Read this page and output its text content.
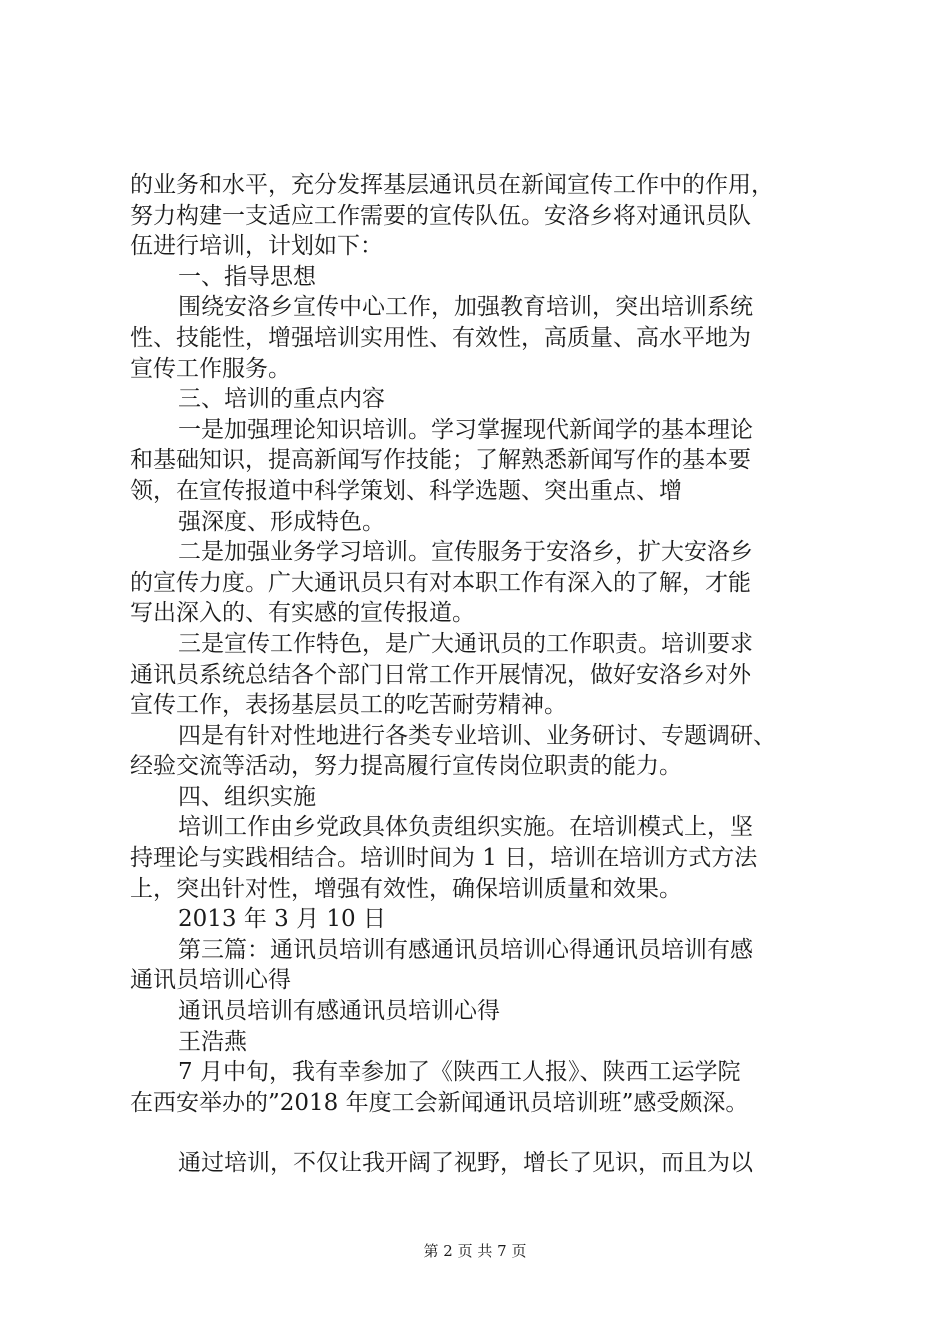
的业务和水平，充分发挥基层通讯员在新闻宣传工作中的作用，

努力构建一支适应工作需要的宣传队伍。安洛乡将对通讯员队

伍进行培训，计划如下：

一、指导思想

围绕安洛乡宣传中心工作，加强教育培训，突出培训系统

性、技能性，增强培训实用性、有效性，高质量、高水平地为

宣传工作服务。

三、培训的重点内容

一是加强理论知识培训。学习掌握现代新闻学的基本理论

和基础知识，提高新闻写作技能；了解熟悉新闻写作的基本要

领，在宣传报道中科学策划、科学选题、突出重点、增

强深度、形成特色。

二是加强业务学习培训。宣传服务于安洛乡，扩大安洛乡

的宣传力度。广大通讯员只有对本职工作有深入的了解，才能

写出深入的、有实感的宣传报道。

三是宣传工作特色，是广大通讯员的工作职责。培训要求

通讯员系统总结各个部门日常工作开展情况，做好安洛乡对外

宣传工作，表扬基层员工的吃苦耐劳精神。

四是有针对性地进行各类专业培训、业务研讨、专题调研、

经验交流等活动，努力提高履行宣传岗位职责的能力。

四、组织实施

培训工作由乡党政具体负责组织实施。在培训模式上，坚

持理论与实践相结合。培训时间为 1 日，培训在培训方式方法

上，突出针对性，增强有效性，确保培训质量和效果。

2013 年 3 月 10 日

第三篇：通讯员培训有感通讯员培训心得通讯员培训有感

通讯员培训心得

通讯员培训有感通讯员培训心得

王浩燕

7 月中旬，我有幸参加了《陕西工人报》、陕西工运学院

在西安举办的”2018 年度工会新闻通讯员培训班”感受颇深。

通过培训，不仅让我开阔了视野，增长了见识，而且为以

第 2 页 共 7 页
